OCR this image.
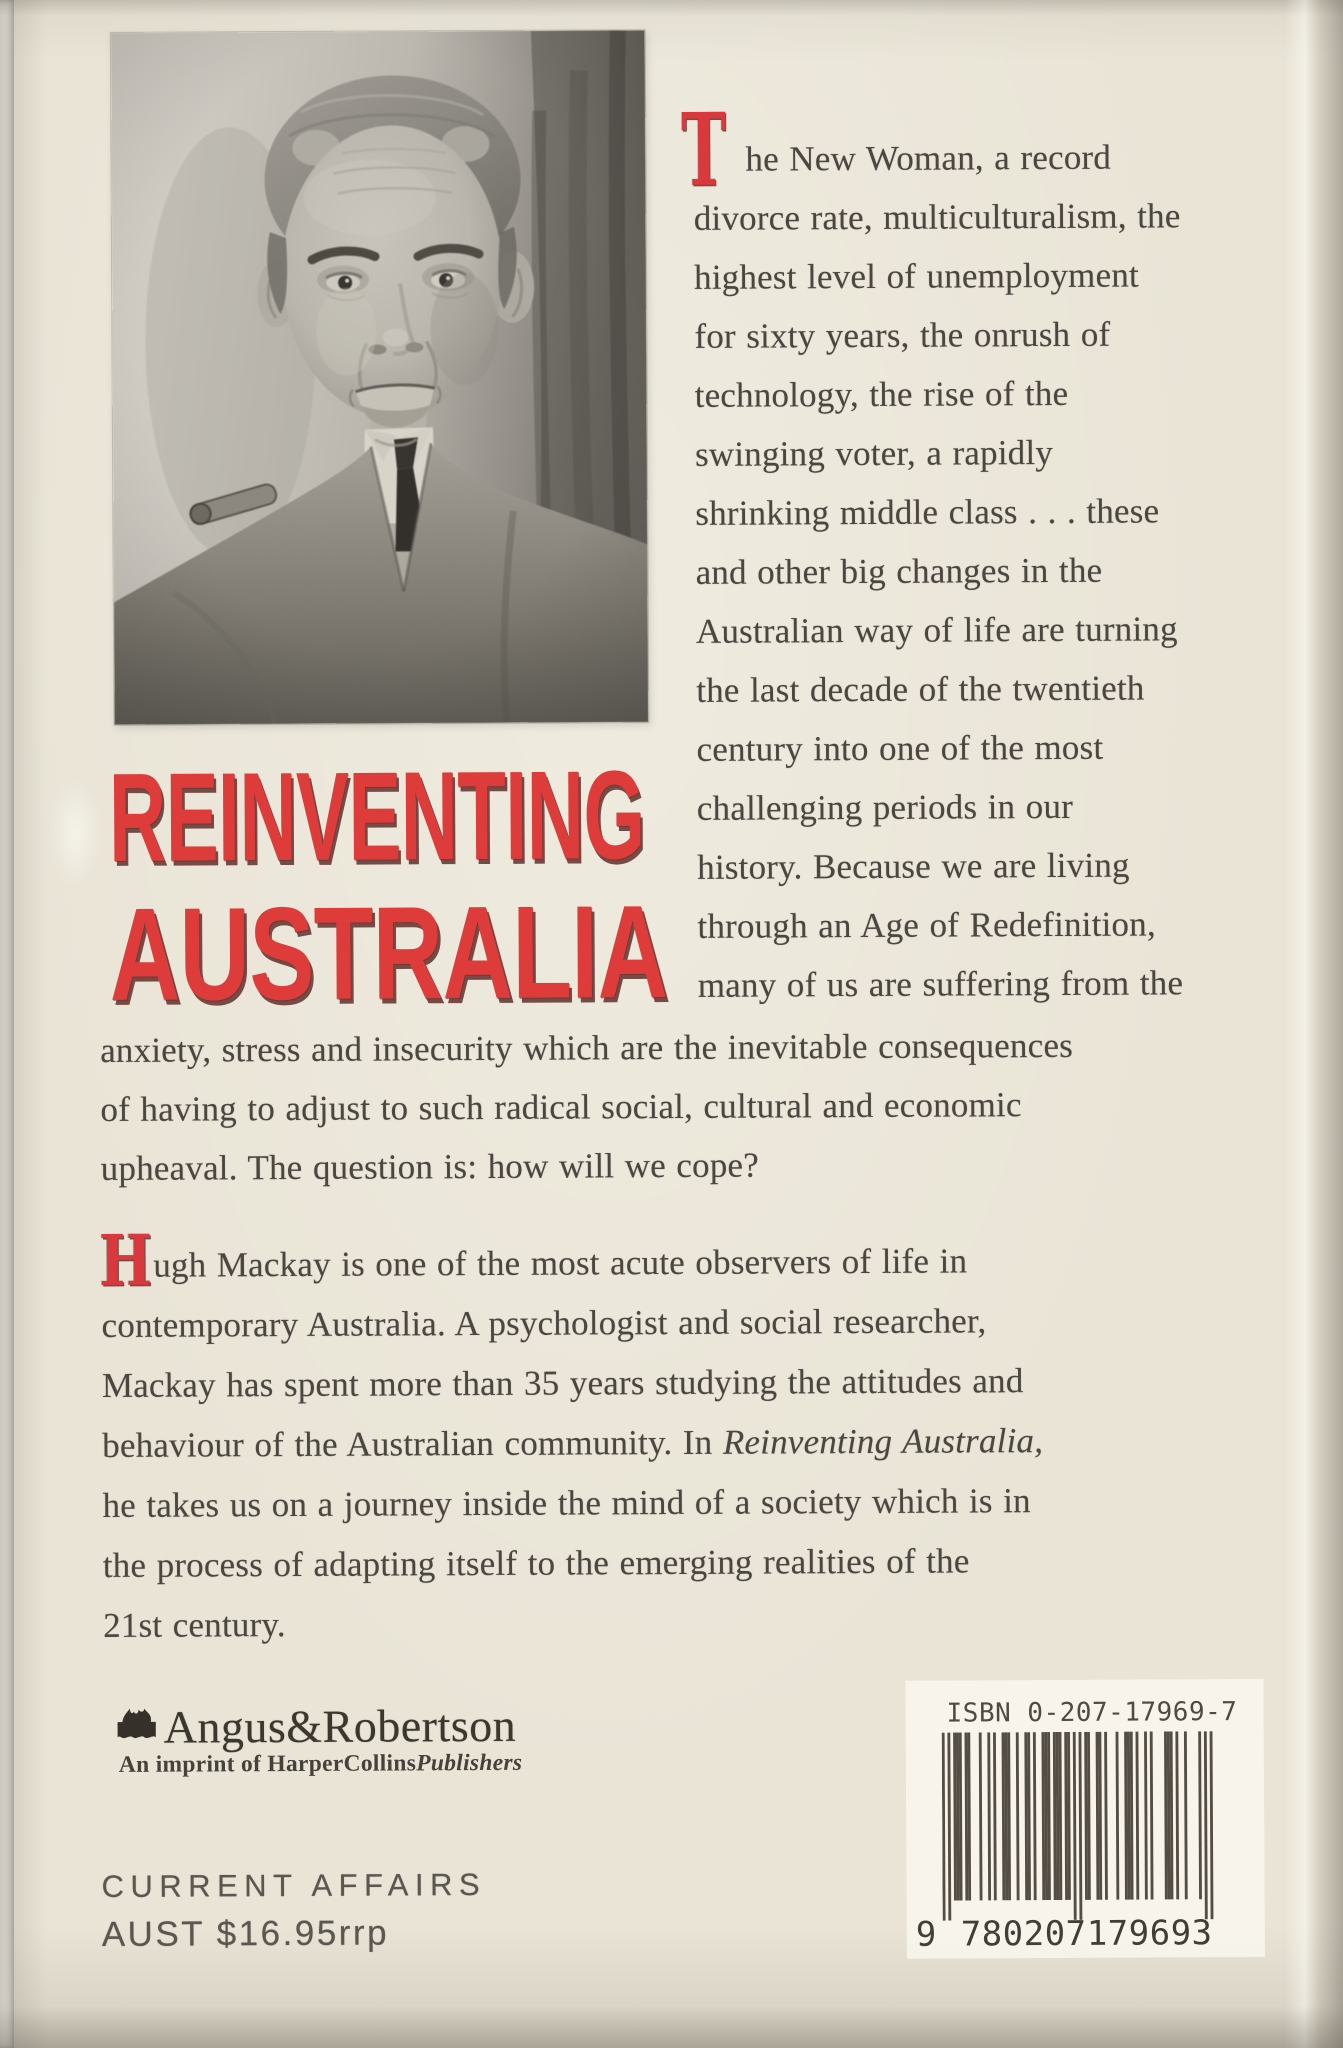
REINVENTING
AUSTRALIA
T he New Woman, a record
divorce rate, multiculturalism, the
highest level of unemployment
for sixty years, the onrush of
technology, the rise of the
swinging voter, a rapidly
shrinking middle class . . . these
and other big changes in the
Australian way of life are turning
the last decade of the twentieth
century into one of the most
challenging periods in our
history. Because we are living
through an Age of Redefinition,
many of us are suffering from the
anxiety, stress and insecurity which are the inevitable consequences
of having to adjust to such radical social, cultural and economic
upheaval. The question is: how will we cope?
H ugh Mackay is one of the most acute observers of life in
contemporary Australia. A psychologist and social researcher,
Mackay has spent more than 35 years studying the attitudes and
behaviour of the Australian community. In Reinventing Australia,
he takes us on a journey inside the mind of a society which is in
the process of adapting itself to the emerging realities of the
21st century.
Angus&Robertson
An imprint of HarperCollinsPublishers
ISBN 0-207-17969-7
9 780207 179693
CURRENT AFFAIRS
AUST $16.95rrp
